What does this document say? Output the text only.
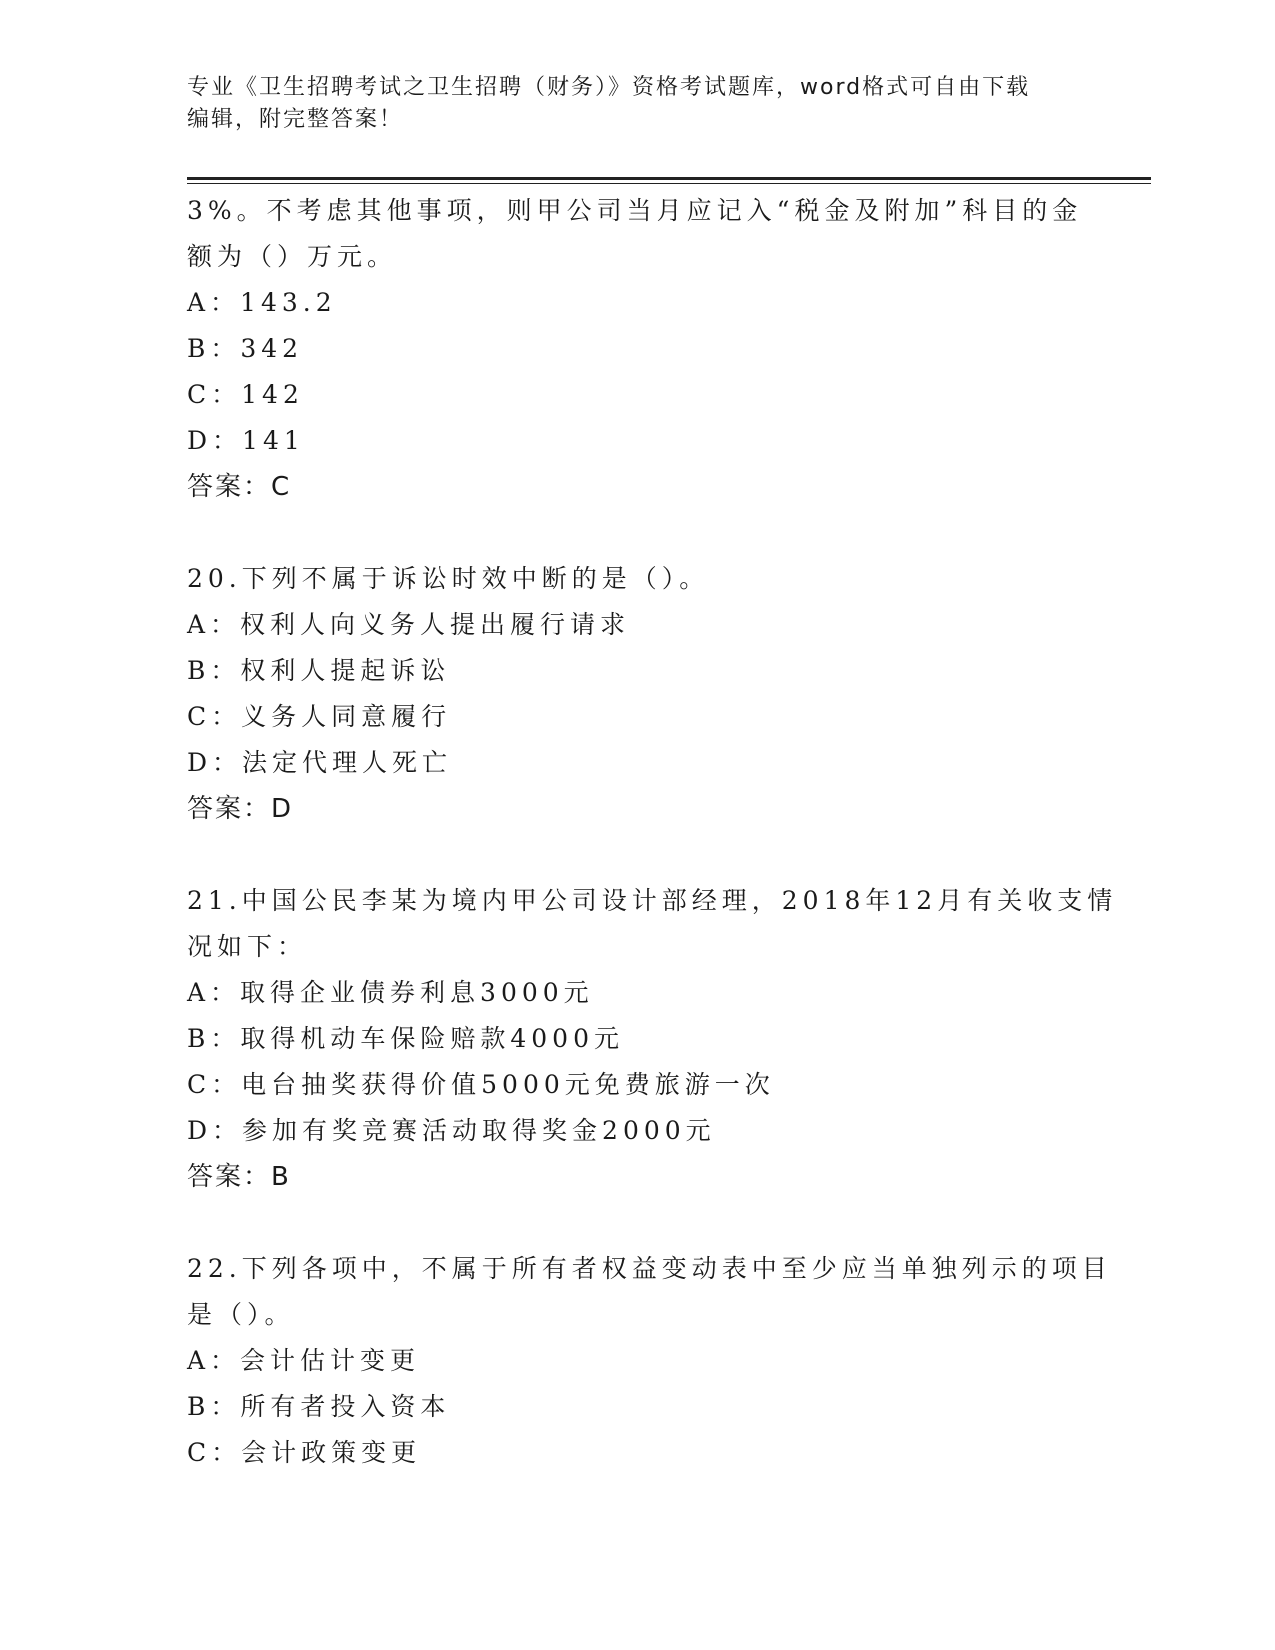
专业《卫生招聘考试之卫生招聘（财务）》资格考试题库，word格式可自由下载
编辑，附完整答案！
3%。不考虑其他事项，则甲公司当月应记入“税金及附加”科目的金
额为（）万元。
A：143.2
B：342
C：142
D：141
答案：C
20.下列不属于诉讼时效中断的是（）。
A：权利人向义务人提出履行请求
B：权利人提起诉讼
C：义务人同意履行
D：法定代理人死亡
答案：D
21.中国公民李某为境内甲公司设计部经理，2018年12月有关收支情
况如下：
A：取得企业债券利息3000元
B：取得机动车保险赔款4000元
C：电台抽奖获得价值5000元免费旅游一次
D：参加有奖竞赛活动取得奖金2000元
答案：B
22.下列各项中，不属于所有者权益变动表中至少应当单独列示的项目
是（）。
A：会计估计变更
B：所有者投入资本
C：会计政策变更
